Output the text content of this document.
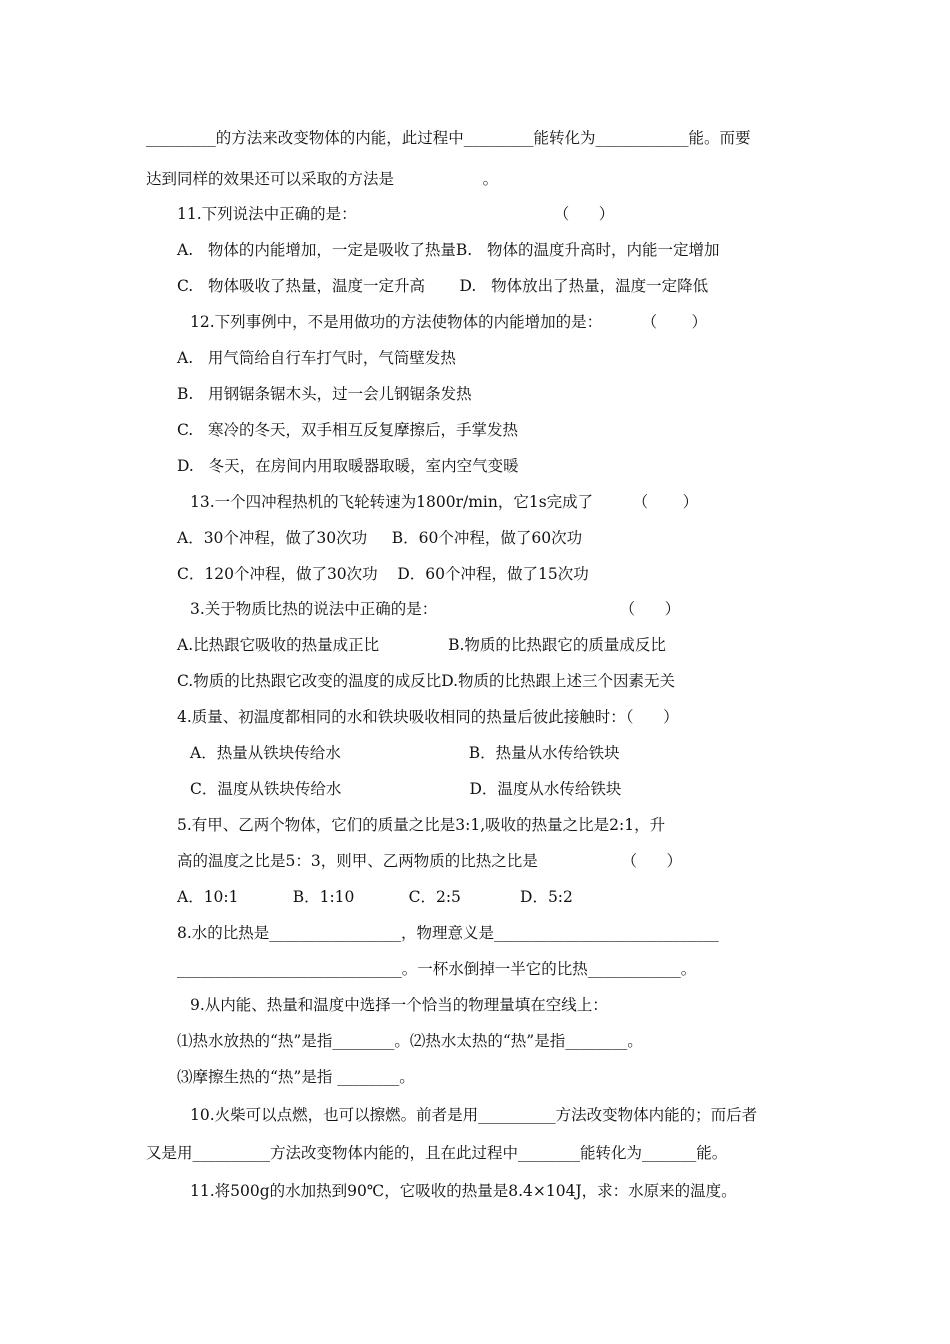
_________的方法来改变物体的内能，此过程中_________能转化为____________能。而要

达到同样的效果还可以采取的方法是                  。

11.下列说法中正确的是：                                        （      ）

A.   物体的内能增加，一定是吸收了热量B.   物体的温度升高时，内能一定增加

C.   物体吸收了热量，温度一定升高       D.   物体放出了热量，温度一定降低

12.下列事例中，不是用做功的方法使物体的内能增加的是：        （       ）

A.   用气筒给自行车打气时，气筒壁发热

B.   用钢锯条锯木头，过一会儿钢锯条发热

C.   寒冷的冬天，双手相互反复摩擦后，手掌发热

D.   冬天，在房间内用取暖器取暖，室内空气变暖

13.一个四冲程热机的飞轮转速为1800r/min，它1s完成了        （       ）

A．30个冲程，做了30次功     B．60个冲程，做了60次功

C．120个冲程，做了30次功    D．60个冲程，做了15次功

3.关于物质比热的说法中正确的是：                                     （      ）

A.比热跟它吸收的热量成正比              B.物质的比热跟它的质量成反比

C.物质的比热跟它改变的温度的成反比D.物质的比热跟上述三个因素无关

4.质量、初温度都相同的水和铁块吸收相同的热量后彼此接触时：（      ）

A．热量从铁块传给水                          B．热量从水传给铁块

C．温度从铁块传给水                          D．温度从水传给铁块

5.有甲、乙两个物体，它们的质量之比是3:1,吸收的热量之比是2:1，升

高的温度之比是5：3，则甲、乙两物质的比热之比是                 （      ）

A．10:1           B．1:10           C．2:5            D．5:2

8.水的比热是_________________，物理意义是_____________________________

_____________________________。一杯水倒掉一半它的比热____________。

9.从内能、热量和温度中选择一个恰当的物理量填在空线上：

⑴热水放热的“热”是指________。⑵热水太热的“热”是指________。

⑶摩擦生热的“热”是指 ________。

10.火柴可以点燃，也可以擦燃。前者是用__________方法改变物体内能的；而后者

又是用__________方法改变物体内能的，且在此过程中________能转化为_______能。

11.将500g的水加热到90℃，它吸收的热量是8.4×104J，求：水原来的温度。
